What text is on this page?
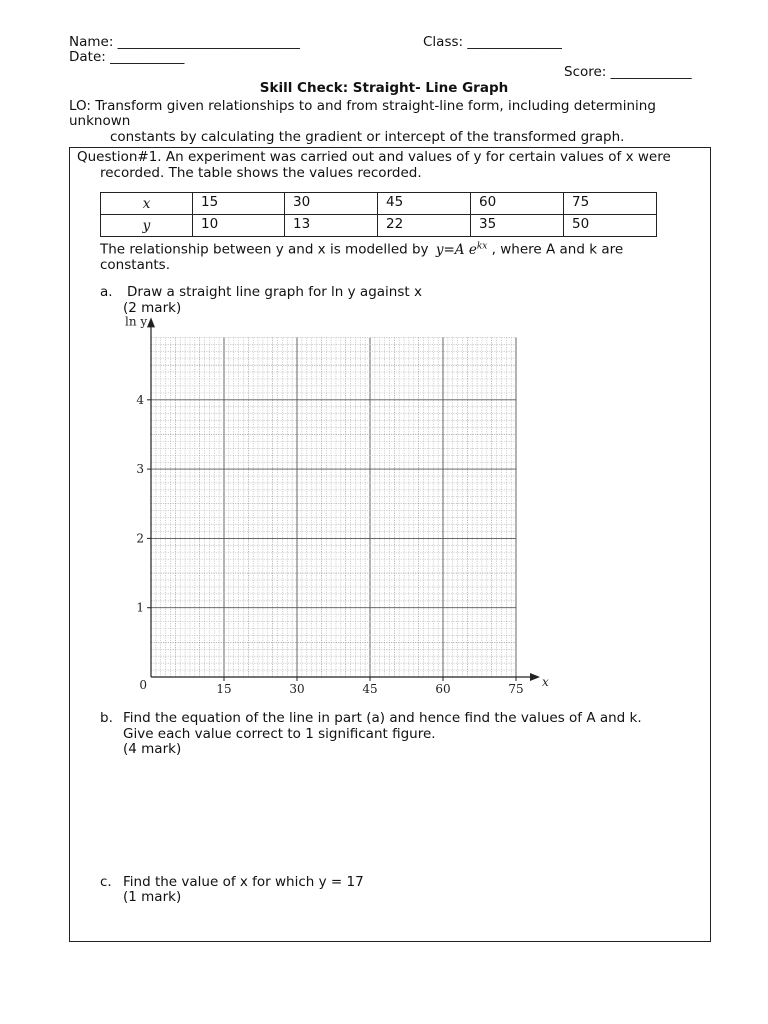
Name: ___________________________	Class: ______________
Date: ___________
Score: ____________
Skill Check: Straight- Line Graph
LO: Transform given relationships to and from straight-line form, including determining
unknown
constants by calculating the gradient or intercept of the transformed graph.
Question#1. An experiment was carried out and values of y for certain values of x were
recorded. The table shows the values recorded.
x	15	30	45	60	75
y	10	13	22	35	50
The relationship between y and x is modelled by y=A $e^{kx}$ , where A and k are
constants.
a. Draw a straight line graph for ln y against x
(2 mark)
15	30	45	60	75
1
2
3
4
0	x
ln y
b. Find the equation of the line in part (a) and hence find the values of A and k.
Give each value correct to 1 significant figure.
(4 mark)
c. Find the value of x for which y = 17
(1 mark)
